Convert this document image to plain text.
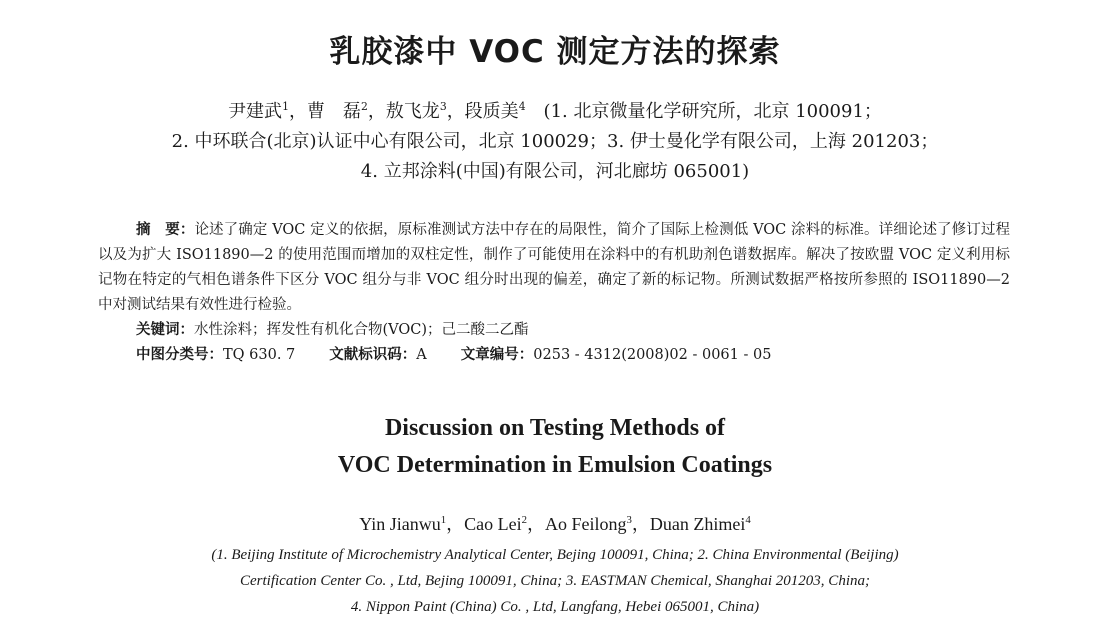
乳胶漆中 VOC 测定方法的探索
尹建武$^1$，曹　磊$^2$，敖飞龙$^3$，段质美$^4$　(1. 北京微量化学研究所，北京 100091；
2. 中环联合(北京)认证中心有限公司，北京 100029；3. 伊士曼化学有限公司，上海 201203；
4. 立邦涂料(中国)有限公司，河北廊坊 065001)

摘　要：论述了确定 VOC 定义的依据，原标准测试方法中存在的局限性，简介了国际上检测低 VOC 涂料的标准。详细论述了修订过程以及为扩大 ISO11890—2 的使用范围而增加的双柱定性，制作了可能使用在涂料中的有机助剂色谱数据库。解决了按欧盟 VOC 定义利用标记物在特定的气相色谱条件下区分 VOC 组分与非 VOC 组分时出现的偏差，确定了新的标记物。所测试数据严格按所参照的 ISO11890—2 中对测试结果有效性进行检验。

关键词：水性涂料；挥发性有机化合物(VOC)；己二酸二乙酯

中图分类号：TQ 630. 7 文献标识码：A 文章编号：0253 - 4312(2008)02 - 0061 - 05

Discussion on Testing Methods of
VOC Determination in Emulsion Coatings
Yin Jianwu$^1$，Cao Lei$^2$，Ao Feilong$^3$，Duan Zhimei$^4$
(1. Beijing Institute of Microchemistry Analytical Center, Bejing 100091, China; 2. China Environmental (Beijing)
Certification Center Co. , Ltd, Bejing 100091, China; 3. EASTMAN Chemical, Shanghai 201203, China;
4. Nippon Paint (China) Co. , Ltd, Langfang, Hebei 065001, China)
